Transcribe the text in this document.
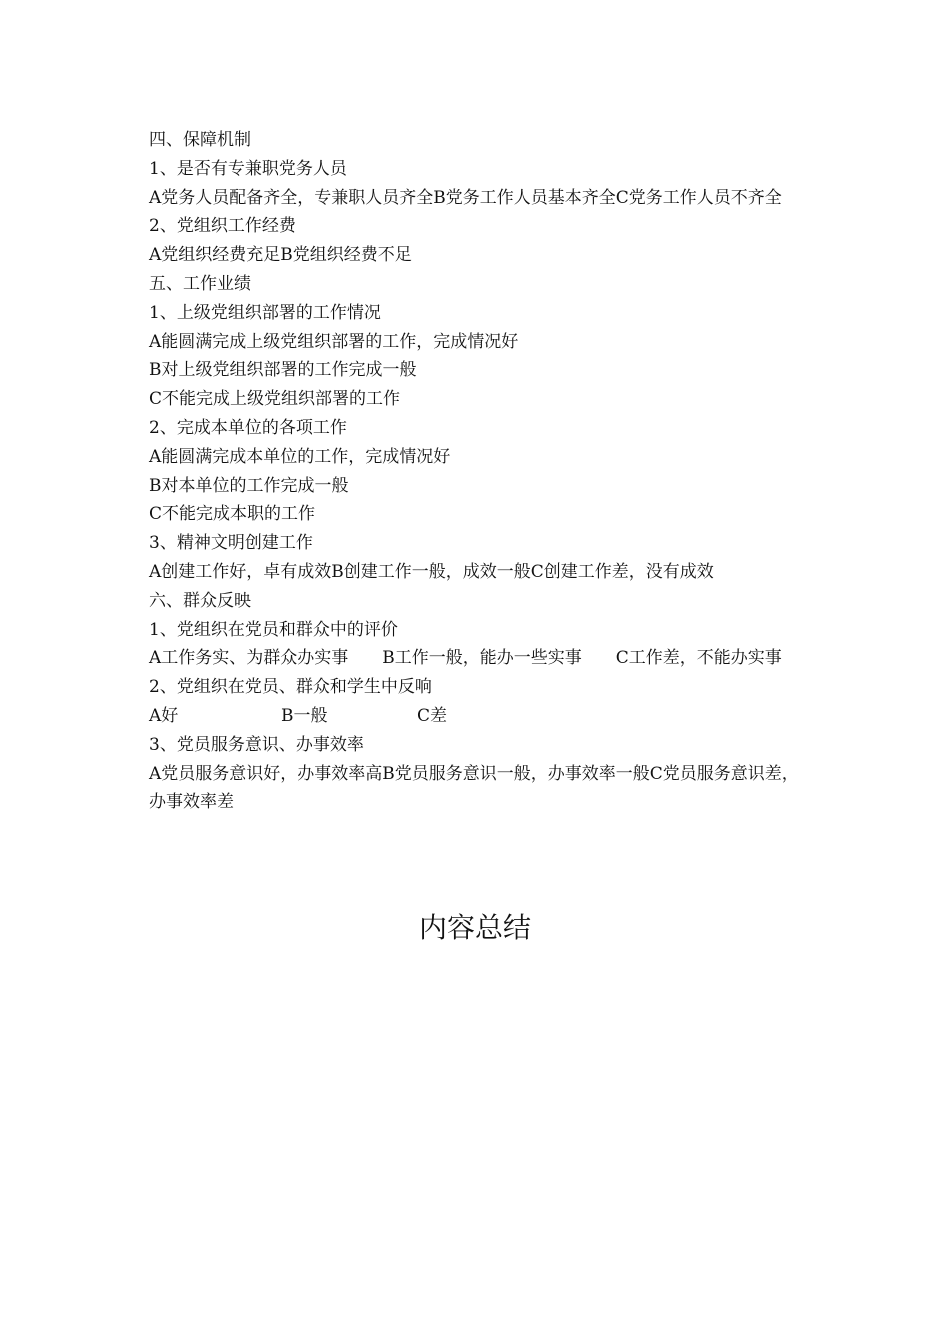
四、保障机制

1、是否有专兼职党务人员

A党务人员配备齐全，专兼职人员齐全B党务工作人员基本齐全C党务工作人员不齐全

2、党组织工作经费

A党组织经费充足B党组织经费不足

五、工作业绩

1、上级党组织部署的工作情况

A能圆满完成上级党组织部署的工作，完成情况好

B对上级党组织部署的工作完成一般

C不能完成上级党组织部署的工作

2、完成本单位的各项工作

A能圆满完成本单位的工作，完成情况好

B对本单位的工作完成一般

C不能完成本职的工作

3、精神文明创建工作

A创建工作好，卓有成效B创建工作一般，成效一般C创建工作差，没有成效

六、群众反映

1、党组织在党员和群众中的评价

A工作务实、为群众办实事　　B工作一般，能办一些实事　　C工作差，不能办实事

2、党组织在党员、群众和学生中反响

A好	B一般	C差

3、党员服务意识、办事效率

A党员服务意识好，办事效率高B党员服务意识一般，办事效率一般C党员服务意识差，办事效率差

内容总结
